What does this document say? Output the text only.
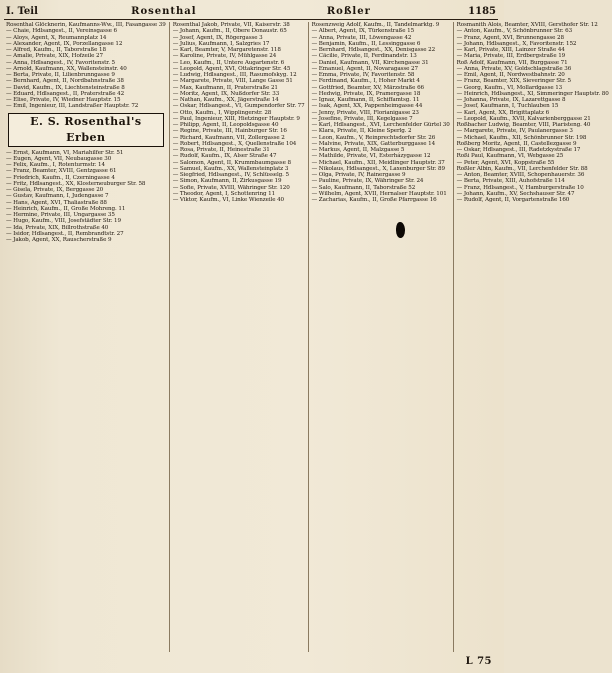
I. Teil	Rosenthal	Roßler	1185

Rosenthal Glöcknerin, Kaufmanns-Ww., III, Fasangasse 39

— Chaie, Hdlsangest., II, Vereinsgasse 6

— Aloys, Agent, X, Reumannplatz 14

— Alexander, Agent, IX, Porzellangasse 12

— Alfred, Kaufm., II, Taborstraße 18

— Amalie, Private, XIX, Hofzeile 27

— Anna, Hdlsangest., IV, Favoritenstr. 5

— Arnold, Kaufmann, XX, Wallensteinstr. 40

— Berta, Private, II, Lilienbrunngasse 9

— Bernhard, Agent, II, Nordbahnstraße 38

— David, Kaufm., IX, Liechtensteinstraße 8

— Eduard, Hdlsangest., II, Praterstraße 42

— Elise, Private, IV, Wiedner Hauptstr. 15

— Emil, Ingenieur, III, Landstraßer Hauptstr. 72

E. S. Rosenthal's Erben

— Ernst, Kaufmann, VI, Mariahilfer Str. 51

— Eugen, Agent, VII, Neubaugasse 30

— Felix, Kaufm., I, Rotenturmstr. 14

— Franz, Beamter, XVIII, Gentzgasse 61

— Friedrich, Kaufm., II, Czerningasse 4

— Fritz, Hdlsangest., XX, Klosterneuburger Str. 58

— Gisela, Private, IX, Berggasse 20

— Gustav, Kaufmann, I, Judengasse 7

— Hans, Agent, XVI, Thaliastraße 88

— Heinrich, Kaufm., II, Große Mohreng. 11

— Hermine, Private, III, Ungargasse 35

— Hugo, Kaufm., VIII, Josefstädter Str. 19

— Ida, Private, XIX, Billrothstraße 40

— Isidor, Hdlsangest., II, Rembrandtstr. 27

— Jakob, Agent, XX, Rauscherstraße 9

Rosenthal Jakob, Private, VII, Kaiserstr. 38

— Johann, Kaufm., II, Obere Donaustr. 65

— Josef, Agent, IX, Rögergasse 3

— Julius, Kaufmann, I, Salzgries 17

— Karl, Beamter, V, Margaretenstr. 118

— Karoline, Private, IV, Mühlgasse 24

— Leo, Kaufm., II, Untere Augartenstr. 6

— Leopold, Agent, XVI, Ottakringer Str. 45

— Ludwig, Hdlsangest., III, Rasumofskyg. 12

— Margarete, Private, VIII, Lange Gasse 51

— Max, Kaufmann, II, Praterstraße 21

— Moritz, Agent, IX, Nußdorfer Str. 33

— Nathan, Kaufm., XX, Jägerstraße 14

— Oskar, Hdlsangest., VI, Gumpendorfer Str. 77

— Otto, Kaufm., I, Wipplingerstr. 28

— Paul, Ingenieur, XIII, Hietzinger Hauptstr. 9

— Philipp, Agent, II, Leopoldsgasse 40

— Regine, Private, III, Hainburger Str. 16

— Richard, Kaufmann, VII, Zollergasse 2

— Robert, Hdlsangest., X, Quellenstraße 104

— Rosa, Private, II, Heinestraße 31

— Rudolf, Kaufm., IX, Alser Straße 47

— Salomon, Agent, II, Krummbaumgasse 8

— Samuel, Kaufm., XX, Wallensteinplatz 3

— Siegfried, Hdlsangest., IV, Schlüsselg. 5

— Simon, Kaufmann, II, Zirkusgasse 19

— Sofie, Private, XVIII, Währinger Str. 120

— Theodor, Agent, I, Schottenring 11

— Viktor, Kaufm., VI, Linke Wienzeile 40

Rosenzweig Adolf, Kaufm., II, Tandelmarktg. 9

— Albert, Agent, IX, Türkenstraße 15

— Anna, Private, III, Löwengasse 42

— Benjamin, Kaufm., II, Lessinggasse 6

— Bernhard, Hdlsangest., XX, Denisgasse 22

— Cäcilie, Private, II, Ferdinandstr. 13

— Daniel, Kaufmann, VII, Kirchengasse 31

— Emanuel, Agent, II, Novaragasse 27

— Emma, Private, IV, Favoritenstr. 58

— Ferdinand, Kaufm., I, Hoher Markt 4

— Gottfried, Beamter, XV, Märzstraße 66

— Hedwig, Private, IX, Pramergasse 18

— Ignaz, Kaufmann, II, Schiffamtsg. 11

— Isak, Agent, XX, Pappenheimgasse 44

— Jenny, Private, VIII, Florianigasse 23

— Josefine, Private, III, Kegelgasse 7

— Karl, Hdlsangest., XVI, Lerchenfelder Gürtel 30

— Klara, Private, II, Kleine Sperlg. 2

— Leon, Kaufm., V, Reinprechtsdorfer Str. 26

— Malvine, Private, XIX, Gatterburggasse 14

— Markus, Agent, II, Malzgasse 5

— Mathilde, Private, VI, Esterházygasse 12

— Michael, Kaufm., XII, Meidlinger Hauptstr. 37

— Nikolaus, Hdlsangest., X, Laxenburger Str. 89

— Olga, Private, IV, Rainergasse 9

— Pauline, Private, IX, Währinger Str. 24

— Salo, Kaufmann, II, Taborstraße 52

— Wilhelm, Agent, XVII, Hernalser Hauptstr. 101

— Zacharias, Kaufm., II, Große Pfarrgasse 16

Rosmanith Alois, Beamter, XVIII, Gersthofer Str. 12

— Anton, Kaufm., V, Schönbrunner Str. 63

— Franz, Agent, XVI, Brunnengasse 28

— Johann, Hdlsangest., X, Favoritenstr. 152

— Karl, Private, XIII, Lainzer Straße 44

— Maria, Private, III, Erdbergstraße 19

Roß Adolf, Kaufmann, VII, Burggasse 71

— Anna, Private, XV, Goldschlagstraße 36

— Emil, Agent, II, Nordwestbahnstr. 20

— Franz, Beamter, XIX, Sieveringer Str. 5

— Georg, Kaufm., VI, Mollardgasse 13

— Heinrich, Hdlsangest., XI, Simmeringer Hauptstr. 80

— Johanna, Private, IX, Lazarettgasse 8

— Josef, Kaufmann, I, Tuchlauben 15

— Karl, Agent, XX, Brigittaplatz 6

— Leopold, Kaufm., XVII, Kalvarienberggasse 21

Roßbacher Ludwig, Beamter, VIII, Piaristeng. 40

— Margarete, Private, IV, Paulanergasse 3

— Michael, Kaufm., XII, Schönbrunner Str. 198

Roßberg Moritz, Agent, II, Castellezgasse 9

— Oskar, Hdlsangest., III, Radetzkystraße 17

Roßi Paul, Kaufmann, VI, Webgasse 25

— Peter, Agent, XVI, Koppstraße 55

Roßler Albin, Kaufm., VII, Lerchenfelder Str. 88

— Anton, Beamter, XVIII, Schopenhauerstr. 36

— Berta, Private, XIII, Auhofstraße 114

— Franz, Hdlsangest., V, Hamburgerstraße 10

— Johann, Kaufm., XV, Sechshauser Str. 47

— Rudolf, Agent, II, Vorgartenstraße 160

L 75
